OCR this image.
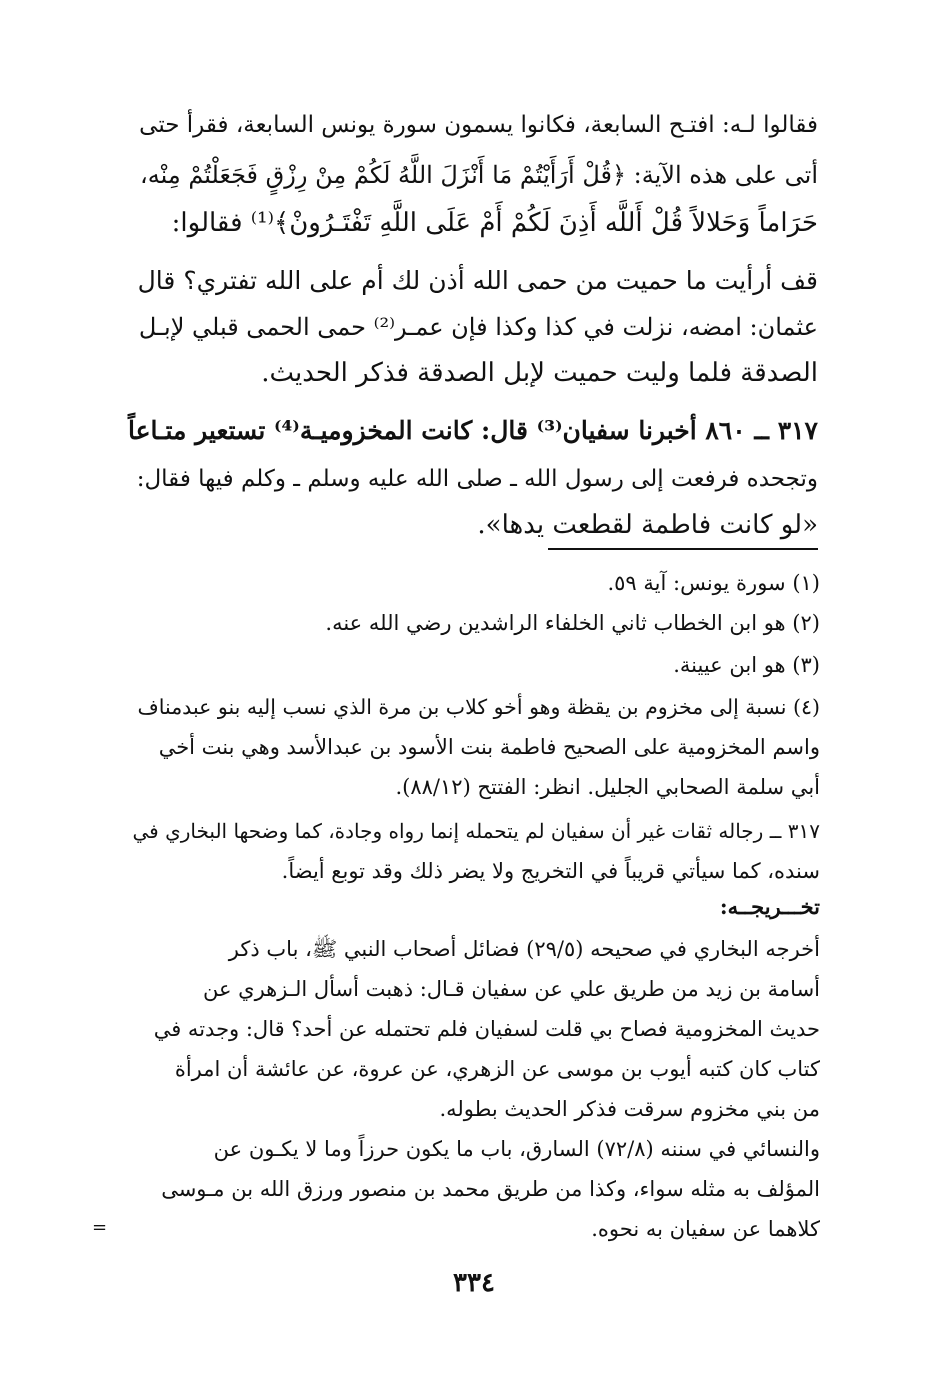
فقالوا لـه: افتـح السابعة، فكانوا يسمون سورة يونس السابعة، فقرأ حتى
أتى على هذه الآية: ﴿قُلْ أَرَأَيْتُمْ مَا أَنْزَلَ اللَّهُ لَكُمْ مِنْ رِزْقٍ فَجَعَلْتُمْ مِنْه،
حَرَاماً وَحَلالاً قُلْ أَللَّه أَذِنَ لَكُمْ أَمْ عَلَى اللَّهِ تَفْتَـرُونْ﴾⁽¹⁾ فقالوا:
قف أرأيت ما حميت من حمى الله أذن لك أم على الله تفتري؟ قال
عثمان: امضه، نزلت في كذا وكذا فإن عمـر⁽²⁾ حمى الحمى قبلي لإبـل
الصدقة فلما وليت حميت لإبل الصدقة فذكر الحديث.
٣١٧ ــ ٨٦٠ أخبرنا سفيان⁽³⁾ قال: كانت المخزوميـة⁽⁴⁾ تستعير متـاعاً
وتجحده فرفعت إلى رسول الله ـ صلى الله عليه وسلم ـ وكلم فيها فقال:
«لو كانت فاطمة لقطعت يدها».
(١) سورة يونس: آية ٥٩.
(٢) هو ابن الخطاب ثاني الخلفاء الراشدين رضي الله عنه.
(٣) هو ابن عيينة.
(٤) نسبة إلى مخزوم بن يقظة وهو أخو كلاب بن مرة الذي نسب إليه بنو عبدمناف
واسم المخزومية على الصحيح فاطمة بنت الأسود بن عبدالأسد وهي بنت أخي
أبي سلمة الصحابي الجليل. انظر: الفتتح (٨٨/١٢).
٣١٧ ــ رجاله ثقات غير أن سفيان لم يتحمله إنما رواه وجادة، كما وضحها البخاري في
سنده، كما سيأتي قريباً في التخريج ولا يضر ذلك وقد توبع أيضاً.
تخـــريجــه:
أخرجه البخاري في صحيحه (٢٩/٥) فضائل أصحاب النبي ﷺ، باب ذكر
أسامة بن زيد من طريق علي عن سفيان قـال: ذهبت أسأل الـزهري عن
حديث المخزومية فصاح بي قلت لسفيان فلم تحتمله عن أحد؟ قال: وجدته في
كتاب كان كتبه أيوب بن موسى عن الزهري، عن عروة، عن عائشة أن امرأة
من بني مخزوم سرقت فذكر الحديث بطوله.
والنسائي في سننه (٧٢/٨) السارق، باب ما يكون حرزاً وما لا يكـون عن
المؤلف به مثله سواء، وكذا من طريق محمد بن منصور ورزق الله بن مـوسى
كلاهما عن سفيان به نحوه.
=
٣٣٤
